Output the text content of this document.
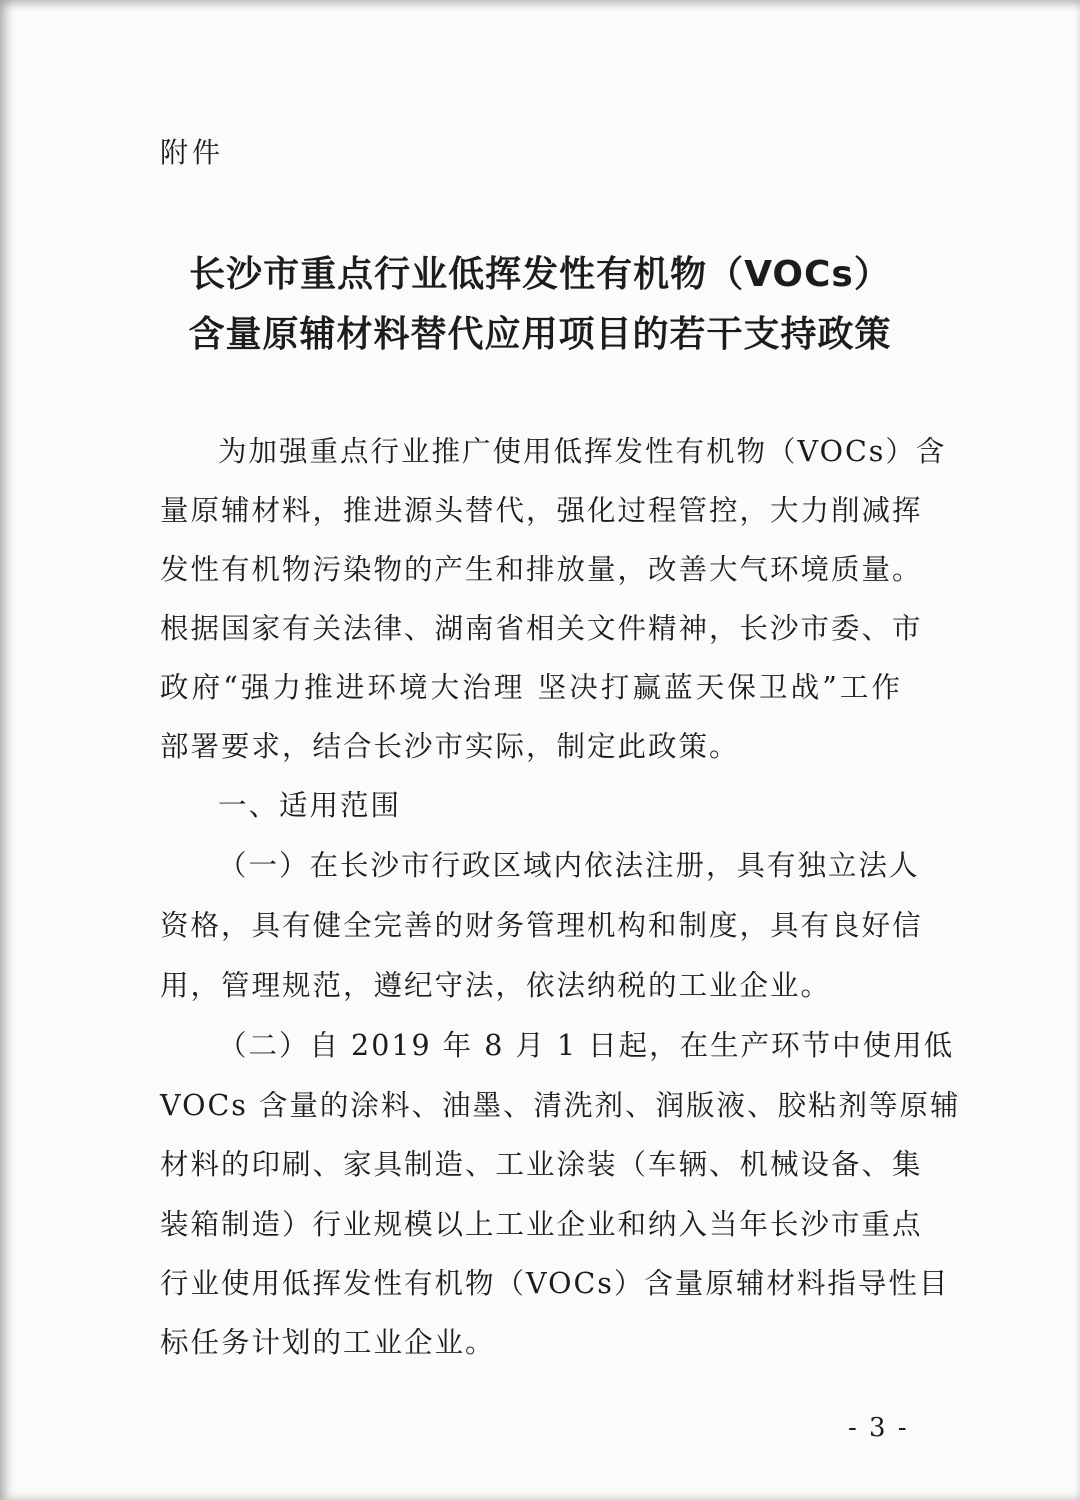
附件
长沙市重点行业低挥发性有机物（VOCs）
含量原辅材料替代应用项目的若干支持政策
为加强重点行业推广使用低挥发性有机物（VOCs）含
量原辅材料，推进源头替代，强化过程管控，大力削减挥
发性有机物污染物的产生和排放量，改善大气环境质量。
根据国家有关法律、湖南省相关文件精神，长沙市委、市
政府“强力推进环境大治理 坚决打赢蓝天保卫战”工作
部署要求，结合长沙市实际，制定此政策。
一、适用范围
（一）在长沙市行政区域内依法注册，具有独立法人
资格，具有健全完善的财务管理机构和制度，具有良好信
用，管理规范，遵纪守法，依法纳税的工业企业。
（二）自 2019 年 8 月 1 日起，在生产环节中使用低
VOCs 含量的涂料、油墨、清洗剂、润版液、胶粘剂等原辅
材料的印刷、家具制造、工业涂装（车辆、机械设备、集
装箱制造）行业规模以上工业企业和纳入当年长沙市重点
行业使用低挥发性有机物（VOCs）含量原辅材料指导性目
标任务计划的工业企业。
- 3 -
